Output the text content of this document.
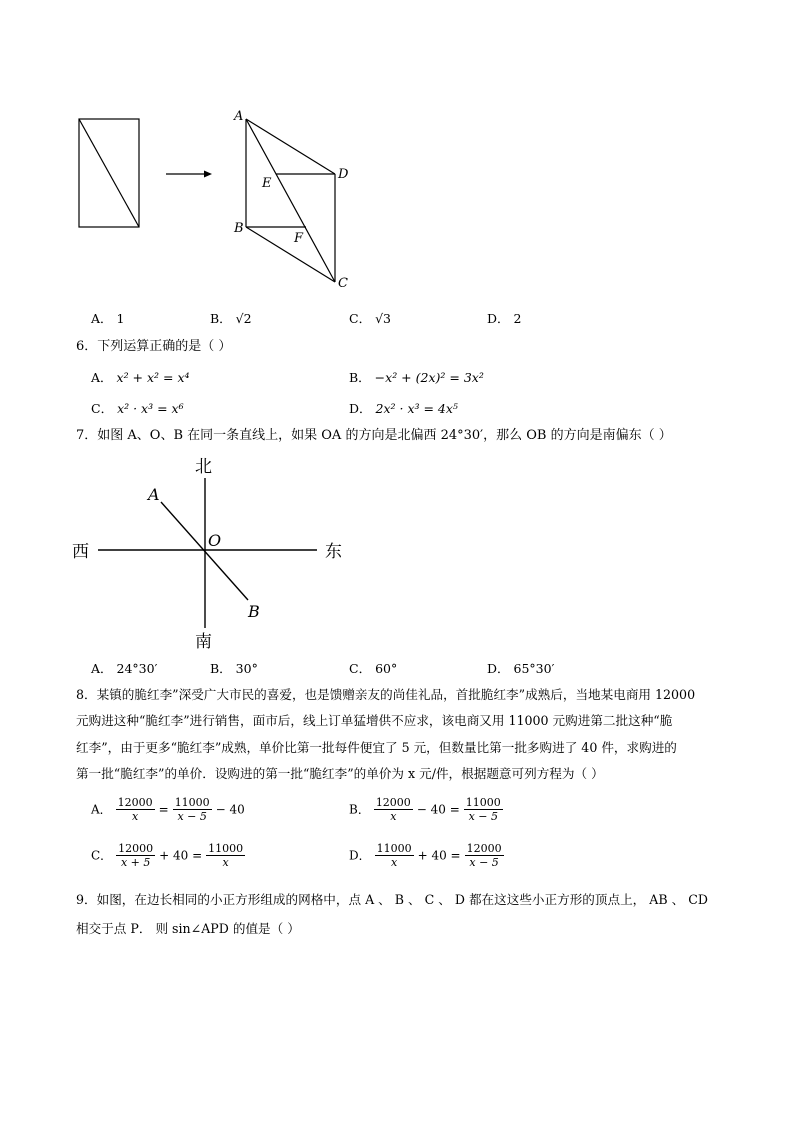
A
D
E
B
F
C
A． 1	B． √2	C． √3	D． 2
6．下列运算正确的是（ ）
A． x² + x² = x⁴	B． −x² + (2x)² = 3x²
C． x² · x³ = x⁶	D． 2x² · x³ = 4x⁵
7．如图 A、O、B 在同一条直线上，如果 OA 的方向是北偏西 24°30′，那么 OB 的方向是南偏东（ ）
北
南
西	东
A
O
B
A． 24°30′	B． 30°	C． 60°	D． 65°30′
8．某镇的脆红李”深受广大市民的喜爱，也是馈赠亲友的尚佳礼品，首批脆红李”成熟后，当地某电商用 12000
元购进这种“脆红李”进行销售，面市后，线上订单猛增供不应求，该电商又用 11000 元购进第二批这种“脆
红李”，由于更多“脆红李”成熟，单价比第一批每件便宜了 5 元，但数量比第一批多购进了 40 件，求购进的
第一批“脆红李”的单价．设购进的第一批“脆红李”的单价为 x 元/件，根据题意可列方程为（ ）
A． $\frac{12000}{x} = \frac{11000}{x - 5} - 40$	B． $\frac{12000}{x} - 40 = \frac{11000}{x - 5}$
C． $\frac{12000}{x + 5} + 40 = \frac{11000}{x}$	D． $\frac{11000}{x} + 40 = \frac{12000}{x - 5}$
9．如图，在边长相同的小正方形组成的网格中，点 A 、 B 、 C 、 D 都在这这些小正方形的顶点上， AB 、 CD
相交于点 P． 则 sin∠APD 的值是（ ）
